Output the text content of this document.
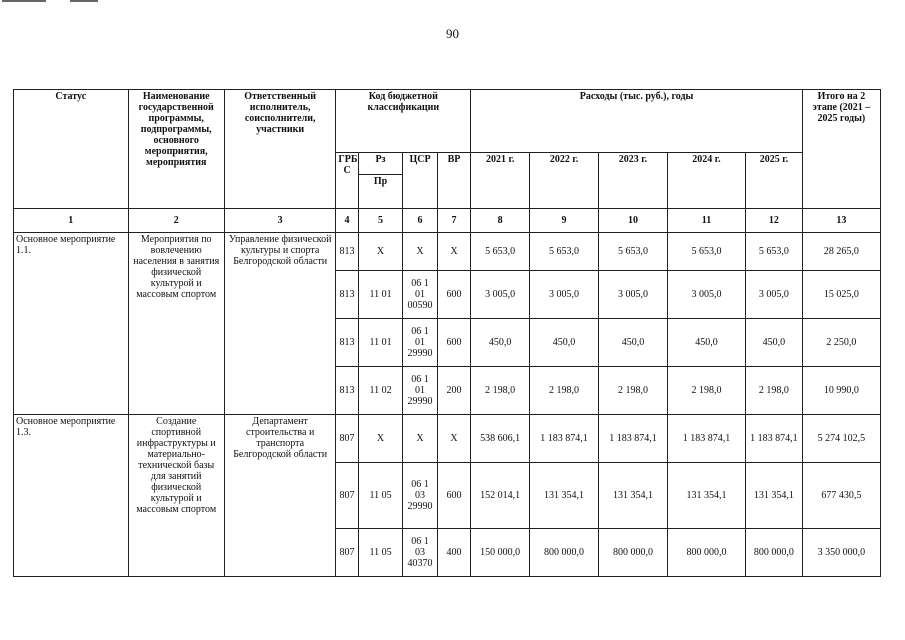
90
Статус	Наименование государственной программы, подпрограммы, основного мероприятия, мероприятия	Ответственный исполнитель, соисполнители, участники	Код бюджетной классификации				Расходы (тыс. руб.), годы					Итого на 2 этапе (2021 –2025 годы)
			ГРБ С	Рз	ЦСР	ВР	2021 г.	2022 г.	2023 г.	2024 г.	2025 г.	
				Пр								
1	2	3	4	5	6	7	8	9	10	11	12	13
Основное мероприятие 1.1.	Мероприятия по вовлечению населения в занятия физической культурой и массовым спортом	Управление физической культуры и спорта Белгородской области	813	X	X	X	5 653,0	5 653,0	5 653,0	5 653,0	5 653,0	28 265,0
			813	11 01	06 1 01 00590	600	3 005,0	3 005,0	3 005,0	3 005,0	3 005,0	15 025,0
			813	11 01	06 1 01 29990	600	450,0	450,0	450,0	450,0	450,0	2 250,0
			813	11 02	06 1 01 29990	200	2 198,0	2 198,0	2 198,0	2 198,0	2 198,0	10 990,0
Основное мероприятие 1.3.	Создание спортивной инфраструктуры и материально-технической базы для занятий физической культурой и массовым спортом	Департамент строительства и транспорта Белгородской области	807	X	X	X	538 606,1	1 183 874,1	1 183 874,1	1 183 874,1	1 183 874,1	5 274 102,5
			807	11 05	06 1 03 29990	600	152 014,1	131 354,1	131 354,1	131 354,1	131 354,1	677 430,5
			807	11 05	06 1 03 40370	400	150 000,0	800 000,0	800 000,0	800 000,0	800 000,0	3 350 000,0
